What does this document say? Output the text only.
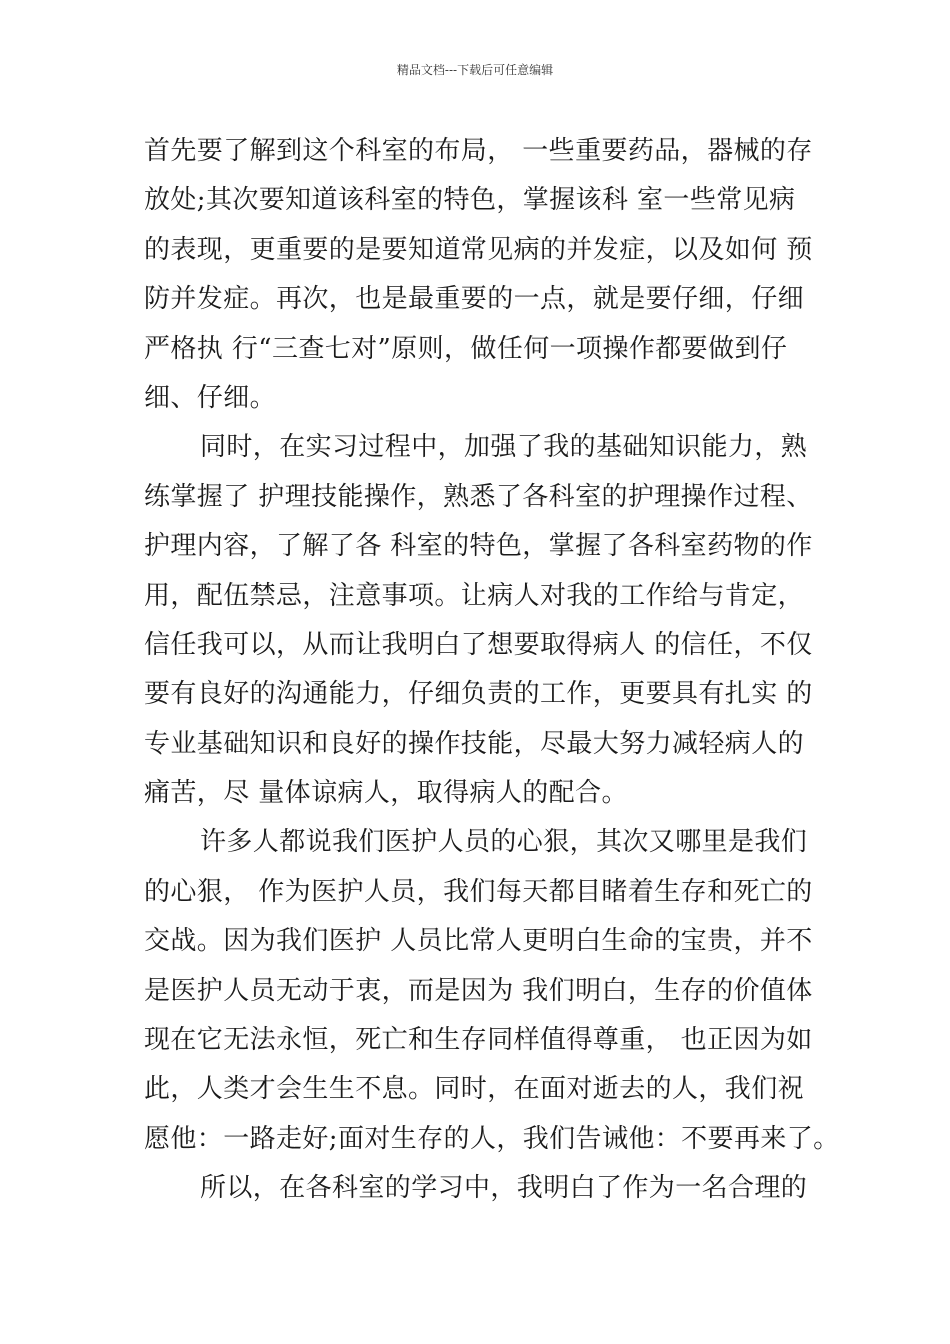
精品文档---下载后可任意编辑
首先要了解到这个科室的布局， 一些重要药品，器械的存
放处;其次要知道该科室的特色，掌握该科 室一些常见病
的表现，更重要的是要知道常见病的并发症，以及如何 预
防并发症。再次，也是最重要的一点，就是要仔细，仔细
严格执 行“三查七对”原则，做任何一项操作都要做到仔
细、仔细。
同时，在实习过程中，加强了我的基础知识能力，熟
练掌握了 护理技能操作，熟悉了各科室的护理操作过程、
护理内容，了解了各 科室的特色，掌握了各科室药物的作
用，配伍禁忌，注意事项。让病人对我的工作给与肯定，
信任我可以，从而让我明白了想要取得病人 的信任，不仅
要有良好的沟通能力，仔细负责的工作，更要具有扎实 的
专业基础知识和良好的操作技能，尽最大努力减轻病人的
痛苦，尽 量体谅病人，取得病人的配合。
许多人都说我们医护人员的心狠，其次又哪里是我们
的心狠， 作为医护人员，我们每天都目睹着生存和死亡的
交战。因为我们医护 人员比常人更明白生命的宝贵，并不
是医护人员无动于衷，而是因为 我们明白，生存的价值体
现在它无法永恒，死亡和生存同样值得尊重， 也正因为如
此，人类才会生生不息。同时，在面对逝去的人，我们祝
愿他：一路走好;面对生存的人，我们告诫他：不要再来了。
所以，在各科室的学习中，我明白了作为一名合理的
